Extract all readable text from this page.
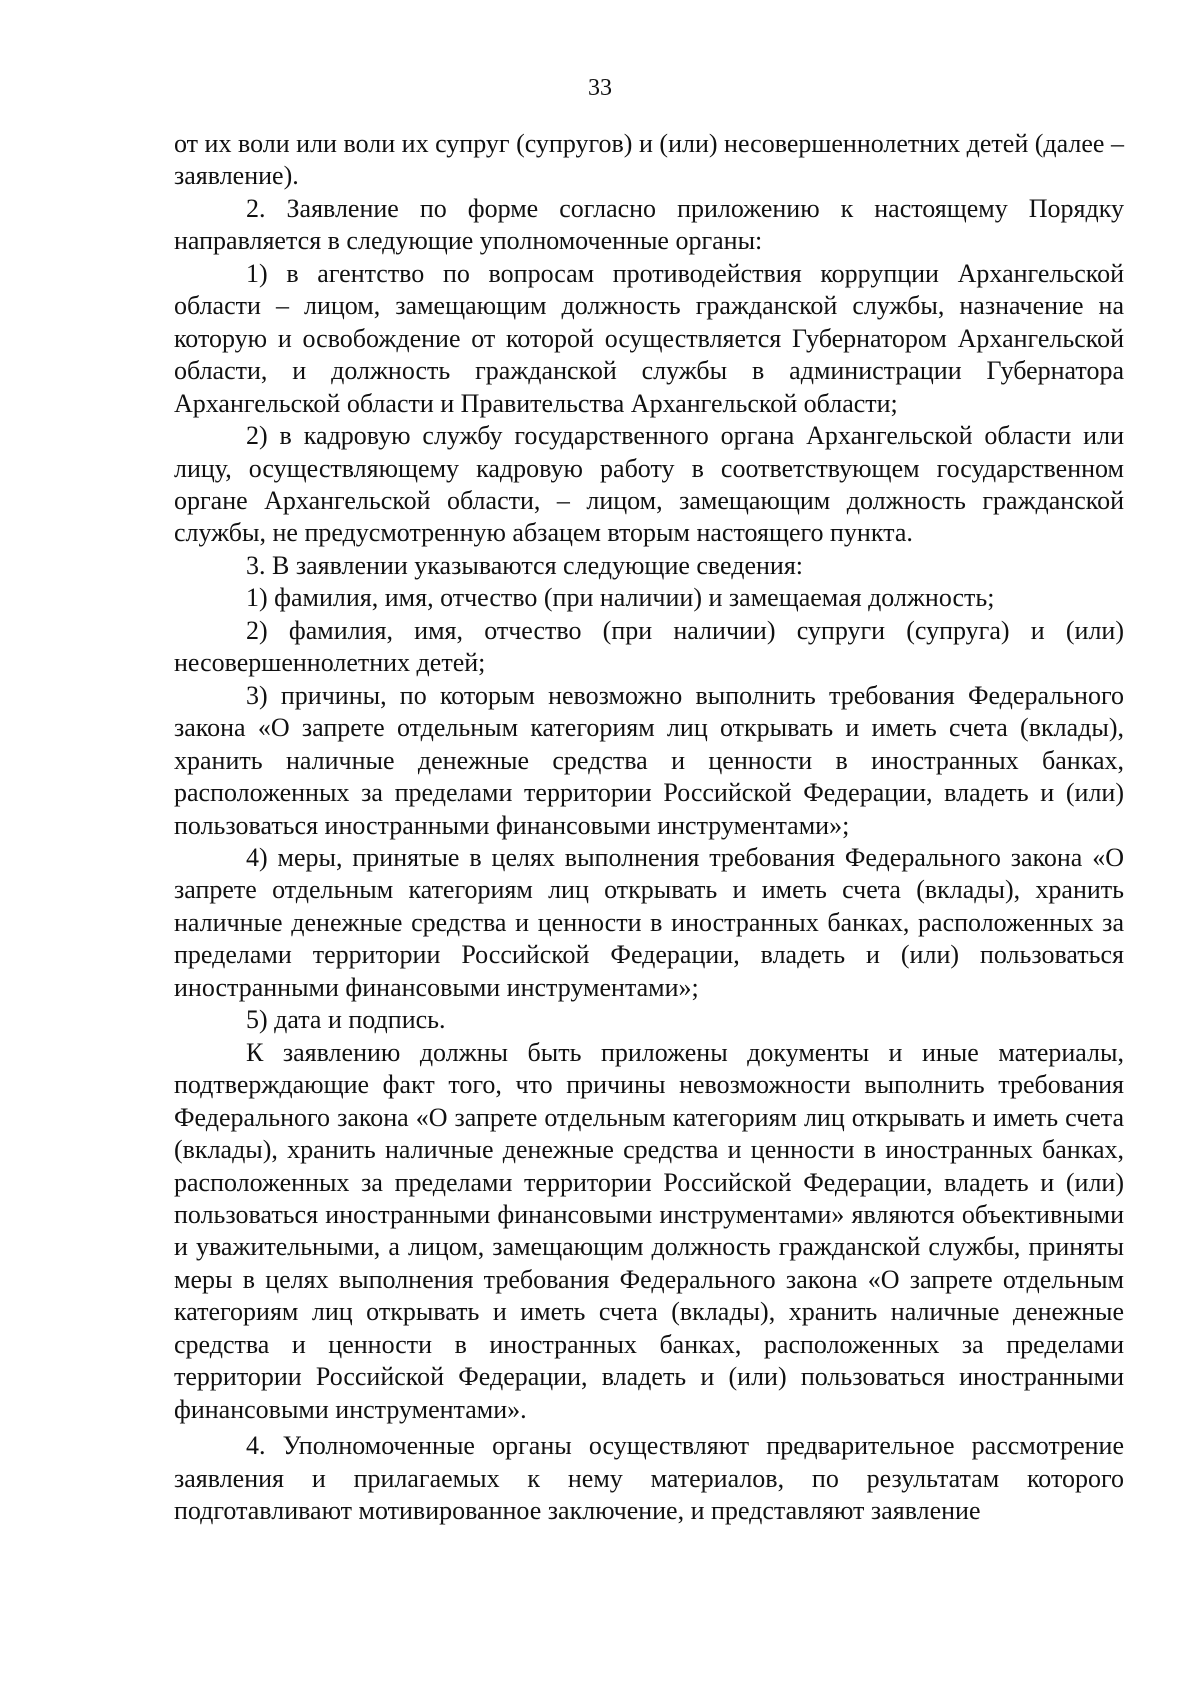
33

от их воли или воли их супруг (супругов) и (или) несовершеннолетних детей (далее – заявление).

2. Заявление по форме согласно приложению к настоящему Порядку направляется в следующие уполномоченные органы:

1) в агентство по вопросам противодействия коррупции Архангельской области – лицом, замещающим должность гражданской службы, назначение на которую и освобождение от которой осуществляется Губернатором Архангельской области, и должность гражданской службы в администрации Губернатора Архангельской области и Правительства Архангельской области;

2) в кадровую службу государственного органа Архангельской области или лицу, осуществляющему кадровую работу в соответствующем государственном органе Архангельской области, – лицом, замещающим должность гражданской службы, не предусмотренную абзацем вторым настоящего пункта.

3. В заявлении указываются следующие сведения:

1) фамилия, имя, отчество (при наличии) и замещаемая должность;

2) фамилия, имя, отчество (при наличии) супруги (супруга) и (или) несовершеннолетних детей;

3) причины, по которым невозможно выполнить требования Федерального закона «О запрете отдельным категориям лиц открывать и иметь счета (вклады), хранить наличные денежные средства и ценности в иностранных банках, расположенных за пределами территории Российской Федерации, владеть и (или) пользоваться иностранными финансовыми инструментами»;

4) меры, принятые в целях выполнения требования Федерального закона «О запрете отдельным категориям лиц открывать и иметь счета (вклады), хранить наличные денежные средства и ценности в иностранных банках, расположенных за пределами территории Российской Федерации, владеть и (или) пользоваться иностранными финансовыми инструментами»;

5) дата и подпись.

К заявлению должны быть приложены документы и иные материалы, подтверждающие факт того, что причины невозможности выполнить требования Федерального закона «О запрете отдельным категориям лиц открывать и иметь счета (вклады), хранить наличные денежные средства и ценности в иностранных банках, расположенных за пределами территории Российской Федерации, владеть и (или) пользоваться иностранными финансовыми инструментами» являются объективными и уважительными, а лицом, замещающим должность гражданской службы, приняты меры в целях выполнения требования Федерального закона «О запрете отдельным категориям лиц открывать и иметь счета (вклады), хранить наличные денежные средства и ценности в иностранных банках, расположенных за пределами территории Российской Федерации, владеть и (или) пользоваться иностранными финансовыми инструментами».

4. Уполномоченные органы осуществляют предварительное рассмотрение заявления и прилагаемых к нему материалов, по результатам которого подготавливают мотивированное заключение, и представляют заявление
